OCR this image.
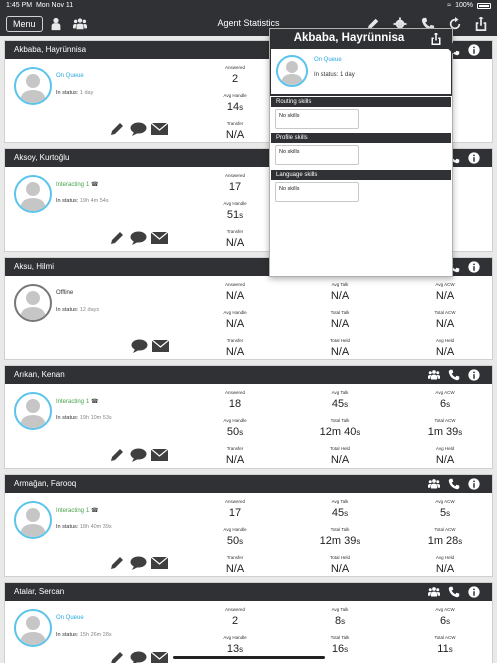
1:45 PM Mon Nov 11	≈ 100%
Menu	Agent Statistics
Akbaba, Hayrünnisa
On Queue
In status: 1 day
Answered
2
Avg Handle
14s
Transfer
N/A
Aksoy, Kurtoğlu
Interacting 1 ☎
In status: 19h 4m 54s
Answered
17
Avg Handle
51s
Transfer
N/A
Aksu, Hilmi
Offline
In status: 12 days
Answered
N/A
Avg Talk
N/A
Avg ACW
N/A
Avg Handle
N/A
Total Talk
N/A
Total ACW
N/A
Transfer
N/A
Total Held
N/A
Avg Held
N/A
Arıkan, Kenan
Interacting 1 ☎
In status: 19h 10m 53s
Answered
18
Avg Talk
45s
Avg ACW
6s
Avg Handle
50s
Total Talk
12m 40s
Total ACW
1m 39s
Transfer
N/A
Total Held
N/A
Avg Held
N/A
Armağan, Farooq
Interacting 1 ☎
In status: 18h 40m 39s
Answered
17
Avg Talk
45s
Avg ACW
5s
Avg Handle
50s
Total Talk
12m 39s
Total ACW
1m 28s
Transfer
N/A
Total Held
N/A
Avg Held
N/A
Atalar, Sercan
On Queue
In status: 15h 26m 28s
Answered
2
Avg Talk
8s
Avg ACW
6s
Avg Handle
13s
Total Talk
16s
Total ACW
11s
Akbaba, Hayrünnisa
On Queue
In status: 1 day
Routing skills
No skills
Profile skills
No skills
Language skills
No skills
